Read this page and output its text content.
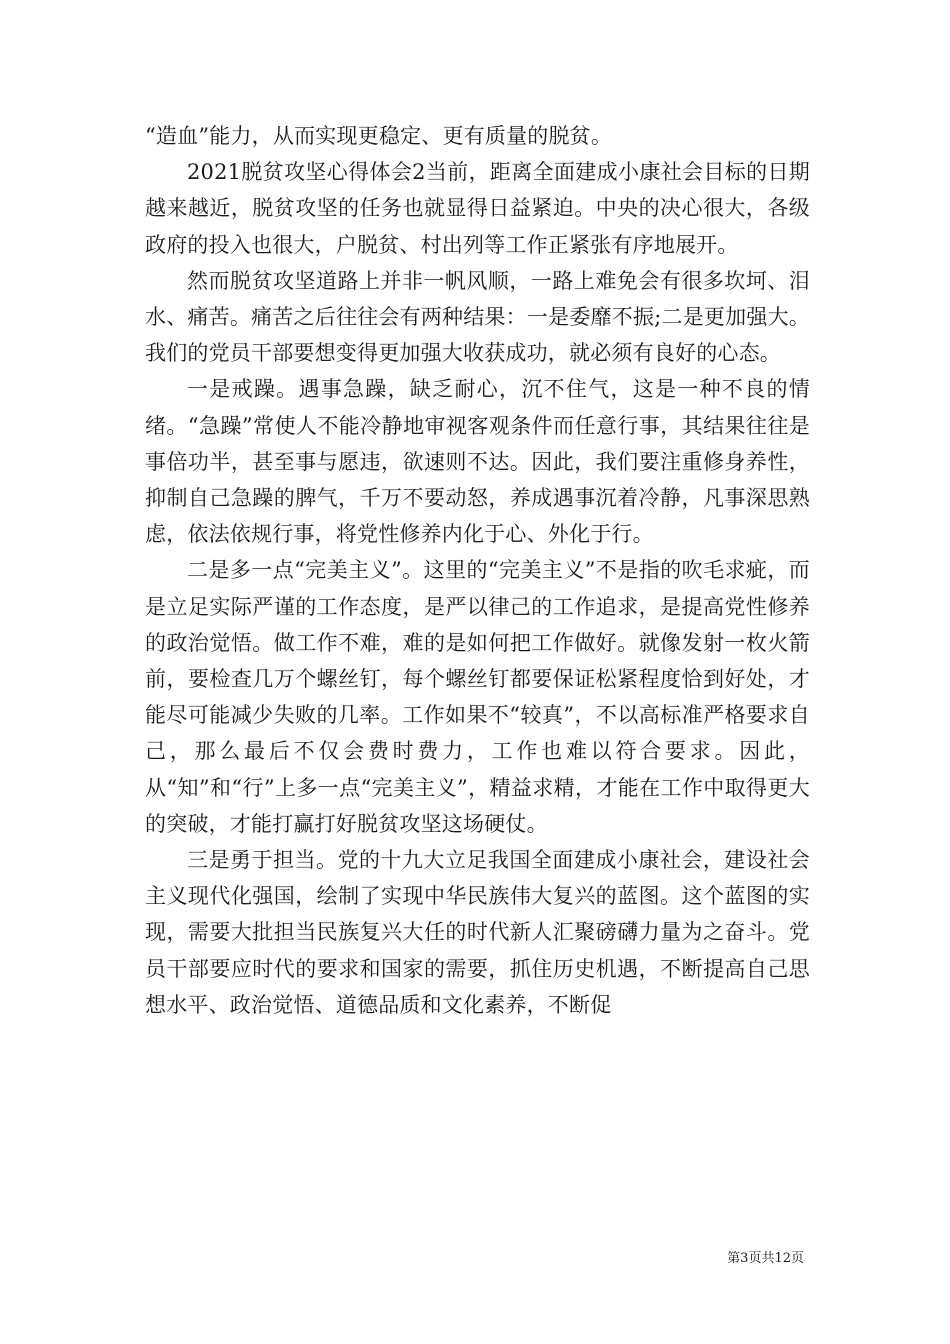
“造血”能力，从而实现更稳定、更有质量的脱贫。

2021脱贫攻坚心得体会2当前，距离全面建成小康社会目标的日期越来越近，脱贫攻坚的任务也就显得日益紧迫。中央的决心很大，各级政府的投入也很大，户脱贫、村出列等工作正紧张有序地展开。

然而脱贫攻坚道路上并非一帆风顺，一路上难免会有很多坎坷、泪水、痛苦。痛苦之后往往会有两种结果：一是委靡不振;二是更加强大。我们的党员干部要想变得更加强大收获成功，就必须有良好的心态。

一是戒躁。遇事急躁，缺乏耐心，沉不住气，这是一种不良的情绪。“急躁”常使人不能冷静地审视客观条件而任意行事，其结果往往是事倍功半，甚至事与愿违，欲速则不达。因此，我们要注重修身养性，抑制自己急躁的脾气，千万不要动怒，养成遇事沉着冷静，凡事深思熟虑，依法依规行事，将党性修养内化于心、外化于行。

二是多一点“完美主义”。这里的“完美主义”不是指的吹毛求疵，而是立足实际严谨的工作态度，是严以律己的工作追求，是提高党性修养的政治觉悟。做工作不难，难的是如何把工作做好。就像发射一枚火箭前，要检查几万个螺丝钉，每个螺丝钉都要保证松紧程度恰到好处，才能尽可能减少失败的几率。工作如果不“较真”，不以高标准严格要求自己，那么最后不仅会费时费力，工作也难以符合要求。因此，从“知”和“行”上多一点“完美主义”，精益求精，才能在工作中取得更大的突破，才能打赢打好脱贫攻坚这场硬仗。

三是勇于担当。党的十九大立足我国全面建成小康社会，建设社会主义现代化强国，绘制了实现中华民族伟大复兴的蓝图。这个蓝图的实现，需要大批担当民族复兴大任的时代新人汇聚磅礴力量为之奋斗。党员干部要应时代的要求和国家的需要，抓住历史机遇，不断提高自己思想水平、政治觉悟、道德品质和文化素养，不断促

第3页共12页
